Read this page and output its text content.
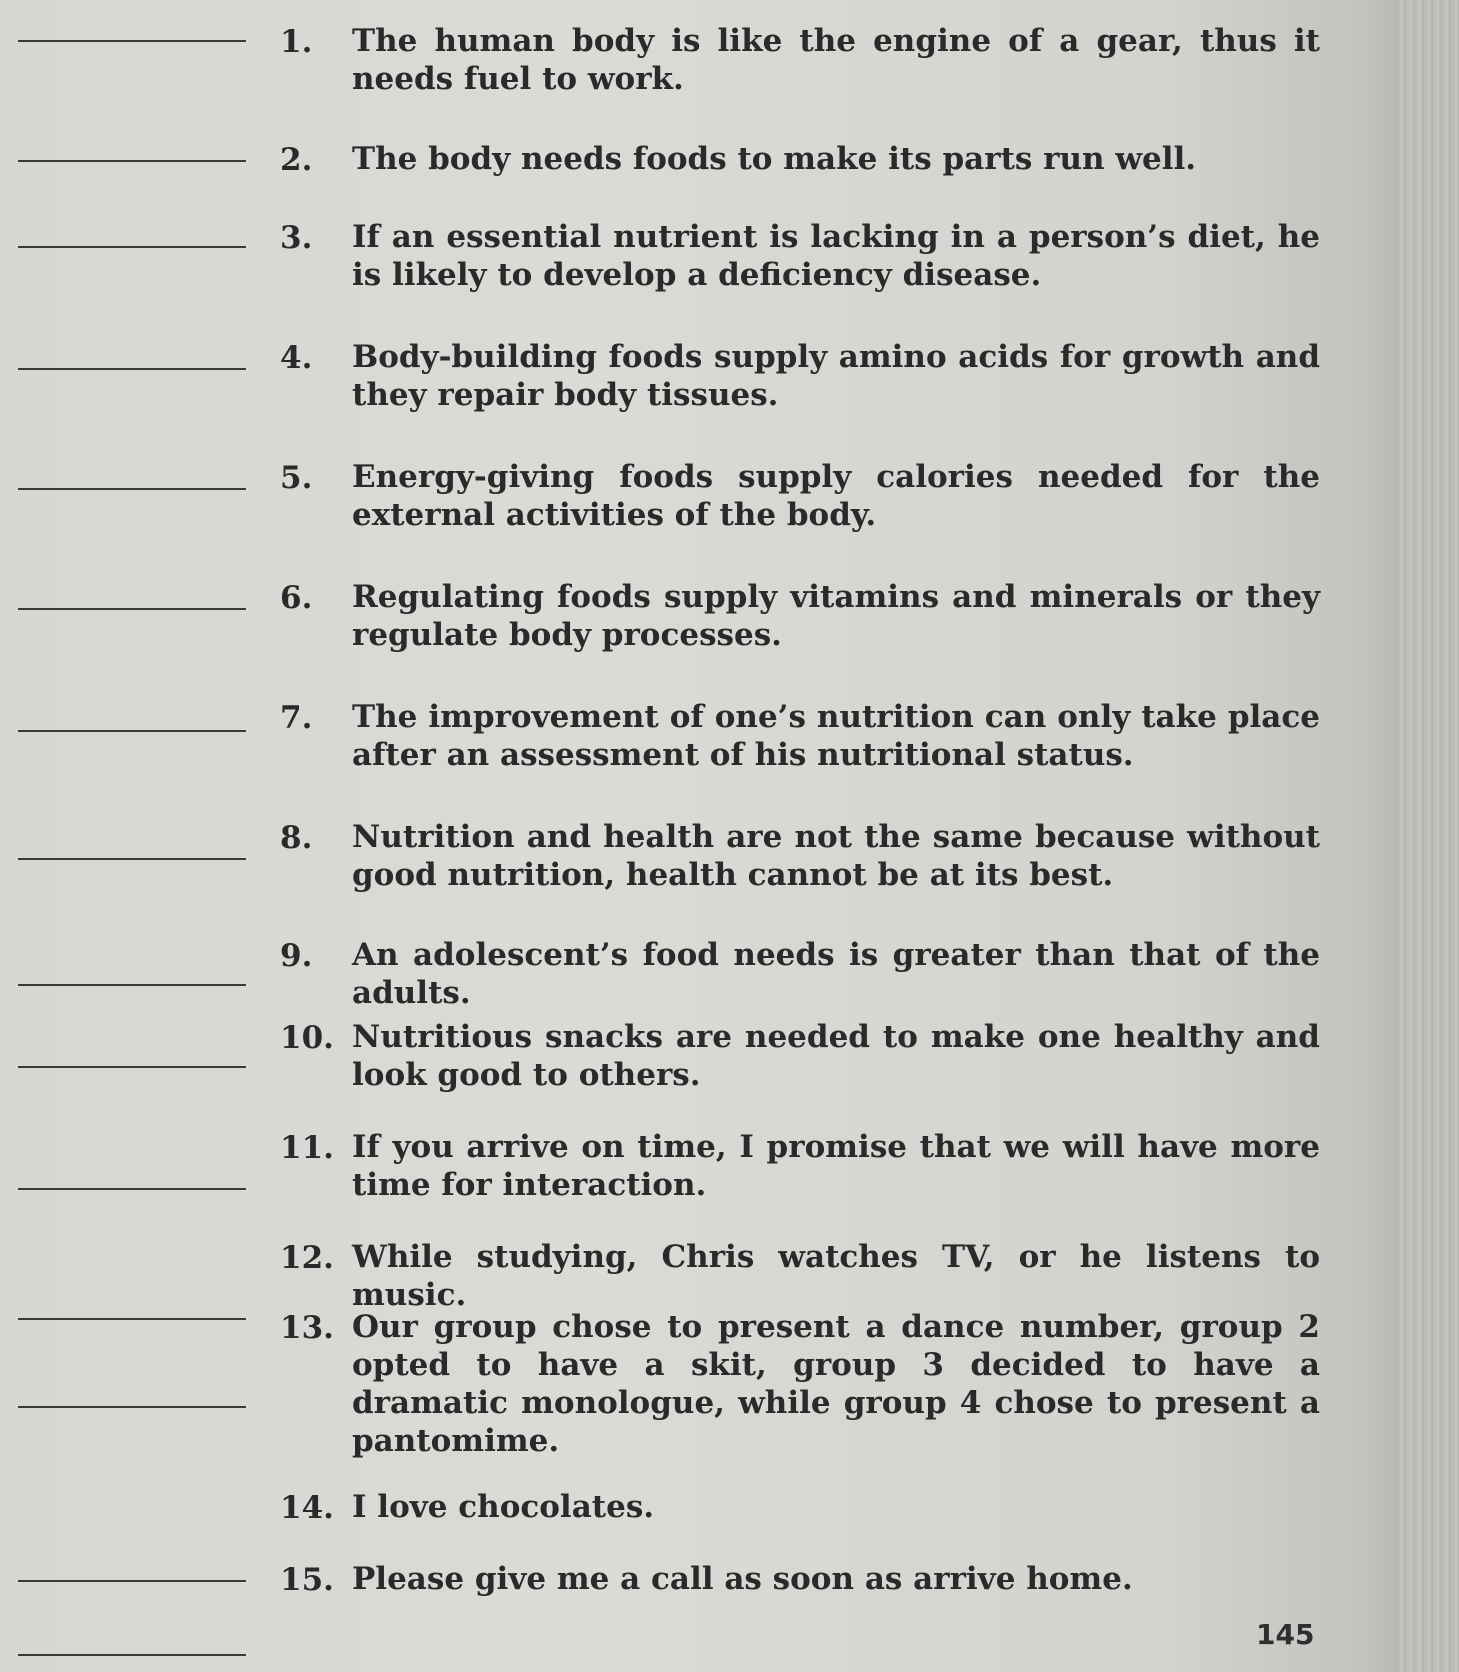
1.	The human body is like the engine of a gear, thus it needs fuel to work.
2.	The body needs foods to make its parts run well.
3.	If an essential nutrient is lacking in a person’s diet, he is likely to develop a deficiency disease.
4.	Body-building foods supply amino acids for growth and they repair body tissues.
5.	Energy-giving foods supply calories needed for the external activities of the body.
6.	Regulating foods supply vitamins and minerals or they regulate body processes.
7.	The improvement of one’s nutrition can only take place after an assessment of his nutritional status.
8.	Nutrition and health are not the same because without good nutrition, health cannot be at its best.
9.	An adolescent’s food needs is greater than that of the adults.
10. Nutritious snacks are needed to make one healthy and look good to others.
11. If you arrive on time, I promise that we will have more time for interaction.
12. While studying, Chris watches TV, or he listens to music.
13. Our group chose to present a dance number, group 2 opted to have a skit, group 3 decided to have a dramatic monologue, while group 4 chose to present a pantomime.
14. I love chocolates.
15. Please give me a call as soon as arrive home.
145
